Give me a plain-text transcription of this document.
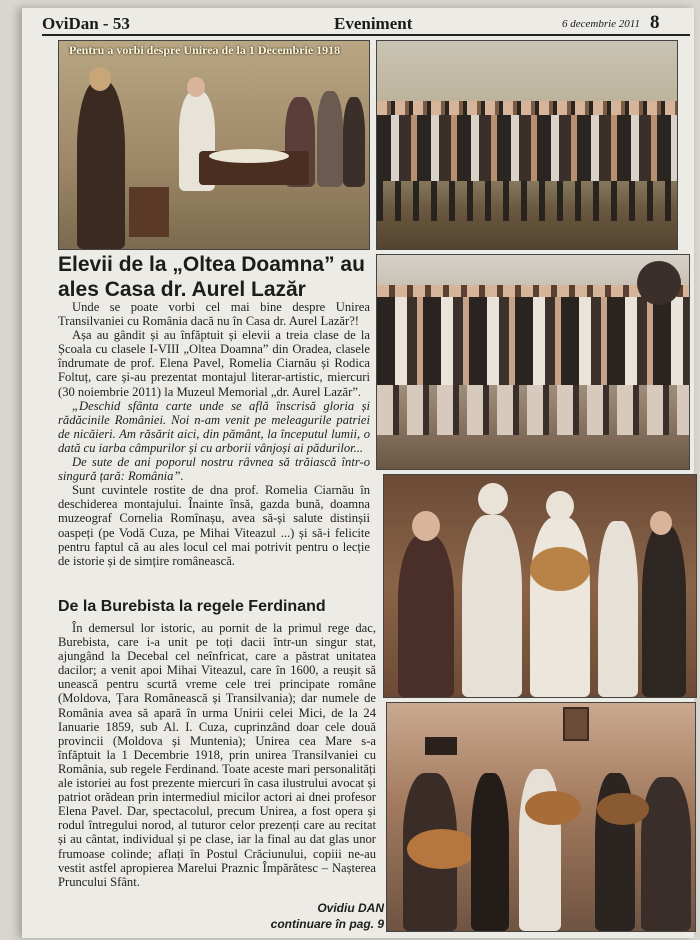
OviDan - 53	Eveniment	6 decembrie 2011 8
Pentru a vorbi despre Unirea de la 1 Decembrie 1918
Elevii de la „Oltea Doamna” au ales Casa dr. Aurel Lazăr

Unde se poate vorbi cel mai bine despre Unirea Transilvaniei cu România dacă nu în Casa dr. Aurel Lazăr?!

Așa au gândit și au înfăptuit și elevii a treia clase de la Școala cu clasele I-VIII „Oltea Doamna” din Oradea, clasele îndrumate de prof. Elena Pavel, Romelia Ciarnău și Rodica Foltuț, care și-au prezentat montajul literar-artistic, miercuri (30 noiembrie 2011) la Muzeul Memorial „dr. Aurel Lazăr”.

„Deschid sfânta carte unde se află înscrisă gloria și rădăcinile României. Noi n-am venit pe meleagurile patriei de nicăieri. Am răsărit aici, din pământ, la începutul lumii, o dată cu iarba câmpurilor și cu arborii vânjoși ai pădurilor...

De sute de ani poporul nostru râvnea să trăiască într-o singură țară: România”.

Sunt cuvintele rostite de dna prof. Romelia Ciarnău în deschiderea montajului. Înainte însă, gazda bună, doamna muzeograf Cornelia Romînașu, avea să-și salute distinșii oaspeți (pe Vodă Cuza, pe Mihai Viteazul ...) și să-i felicite pentru faptul că au ales locul cel mai potrivit pentru o lecție de istorie și de simțire românească.

De la Burebista la regele Ferdinand

În demersul lor istoric, au pornit de la primul rege dac, Burebista, care i-a unit pe toți dacii într-un singur stat, ajungând la Decebal cel neînfricat, care a păstrat unitatea dacilor; a venit apoi Mihai Viteazul, care în 1600, a reușit să unească pentru scurtă vreme cele trei principate române (Moldova, Țara Românească și Transilvania); dar numele de România avea să apară în urma Unirii celei Mici, de la 24 Ianuarie 1859, sub Al. I. Cuza, cuprinzând doar cele două provincii (Moldova și Muntenia); Unirea cea Mare s-a înfăptuit la 1 Decembrie 1918, prin unirea Transilvaniei cu România, sub regele Ferdinand. Toate aceste mari personalități ale istoriei au fost prezente miercuri în casa ilustrului avocat și patriot orădean prin intermediul micilor actori ai dnei profesor Elena Pavel. Dar, spectacolul, precum Unirea, a fost opera și rodul întregului norod, al tuturor celor prezenți care au recitat și au cântat, individual și pe clase, iar la final au dat glas unor frumoase colinde; aflați în Postul Crăciunului, copiii ne-au vestit astfel apropierea Marelui Praznic Împărătesc – Nașterea Pruncului Sfânt.

Ovidiu DAN
continuare în pag. 9
